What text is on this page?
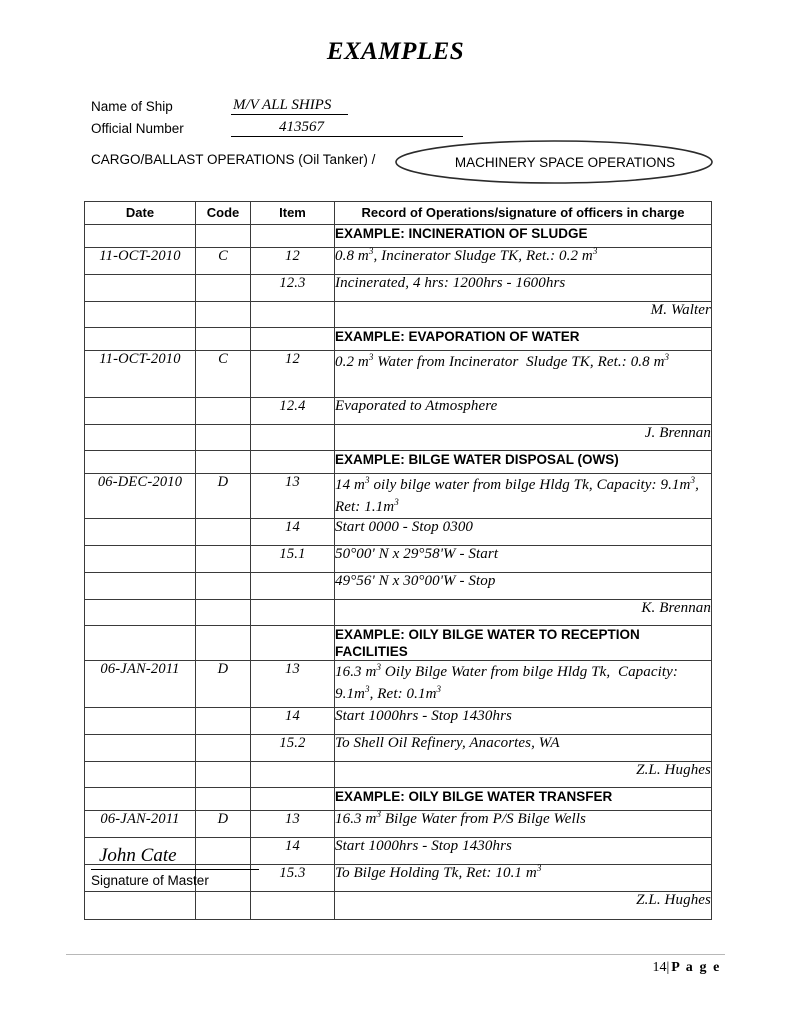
EXAMPLES
Name of Ship	M/V ALL SHIPS
Official Number	413567
CARGO/BALLAST OPERATIONS (Oil Tanker) /	MACHINERY SPACE OPERATIONS
Date	Code	Item	Record of Operations/signature of officers in charge
			EXAMPLE: INCINERATION OF SLUDGE
11-OCT-2010	C	12	0.8 $m^3$, Incinerator Sludge TK, Ret.: 0.2 $m^3$
		12.3	Incinerated, 4 hrs: 1200hrs - 1600hrs
			M. Walter
			EXAMPLE: EVAPORATION OF WATER
11-OCT-2010	C	12	0.2 $m^3$ Water from Incinerator  Sludge TK, Ret.: 0.8 $m^3$
		12.4	Evaporated to Atmosphere
			J. Brennan
			EXAMPLE: BILGE WATER DISPOSAL (OWS)
06-DEC-2010	D	13	14 $m^3$ oily bilge water from bilge Hldg Tk, Capacity: $9.1m^3$, Ret: $1.1m^3$
		14	Start 0000 - Stop 0300
		15.1	50°00' N x 29°58'W - Start
			49°56' N x 30°00'W - Stop
			K. Brennan
			EXAMPLE: OILY BILGE WATER TO RECEPTION FACILITIES
06-JAN-2011	D	13	16.3 $m^3$ Oily Bilge Water from bilge Hldg Tk,  Capacity: $9.1m^3$, Ret: $0.1m^3$
		14	Start 1000hrs - Stop 1430hrs
		15.2	To Shell Oil Refinery, Anacortes, WA
			Z.L. Hughes
			EXAMPLE: OILY BILGE WATER TRANSFER
06-JAN-2011	D	13	16.3 $m^3$ Bilge Water from P/S Bilge Wells
		14	Start 1000hrs - Stop 1430hrs
		15.3	To Bilge Holding Tk, Ret: 10.1 $m^3$
			Z.L. Hughes
John Cate
Signature of Master
14|P a g e
